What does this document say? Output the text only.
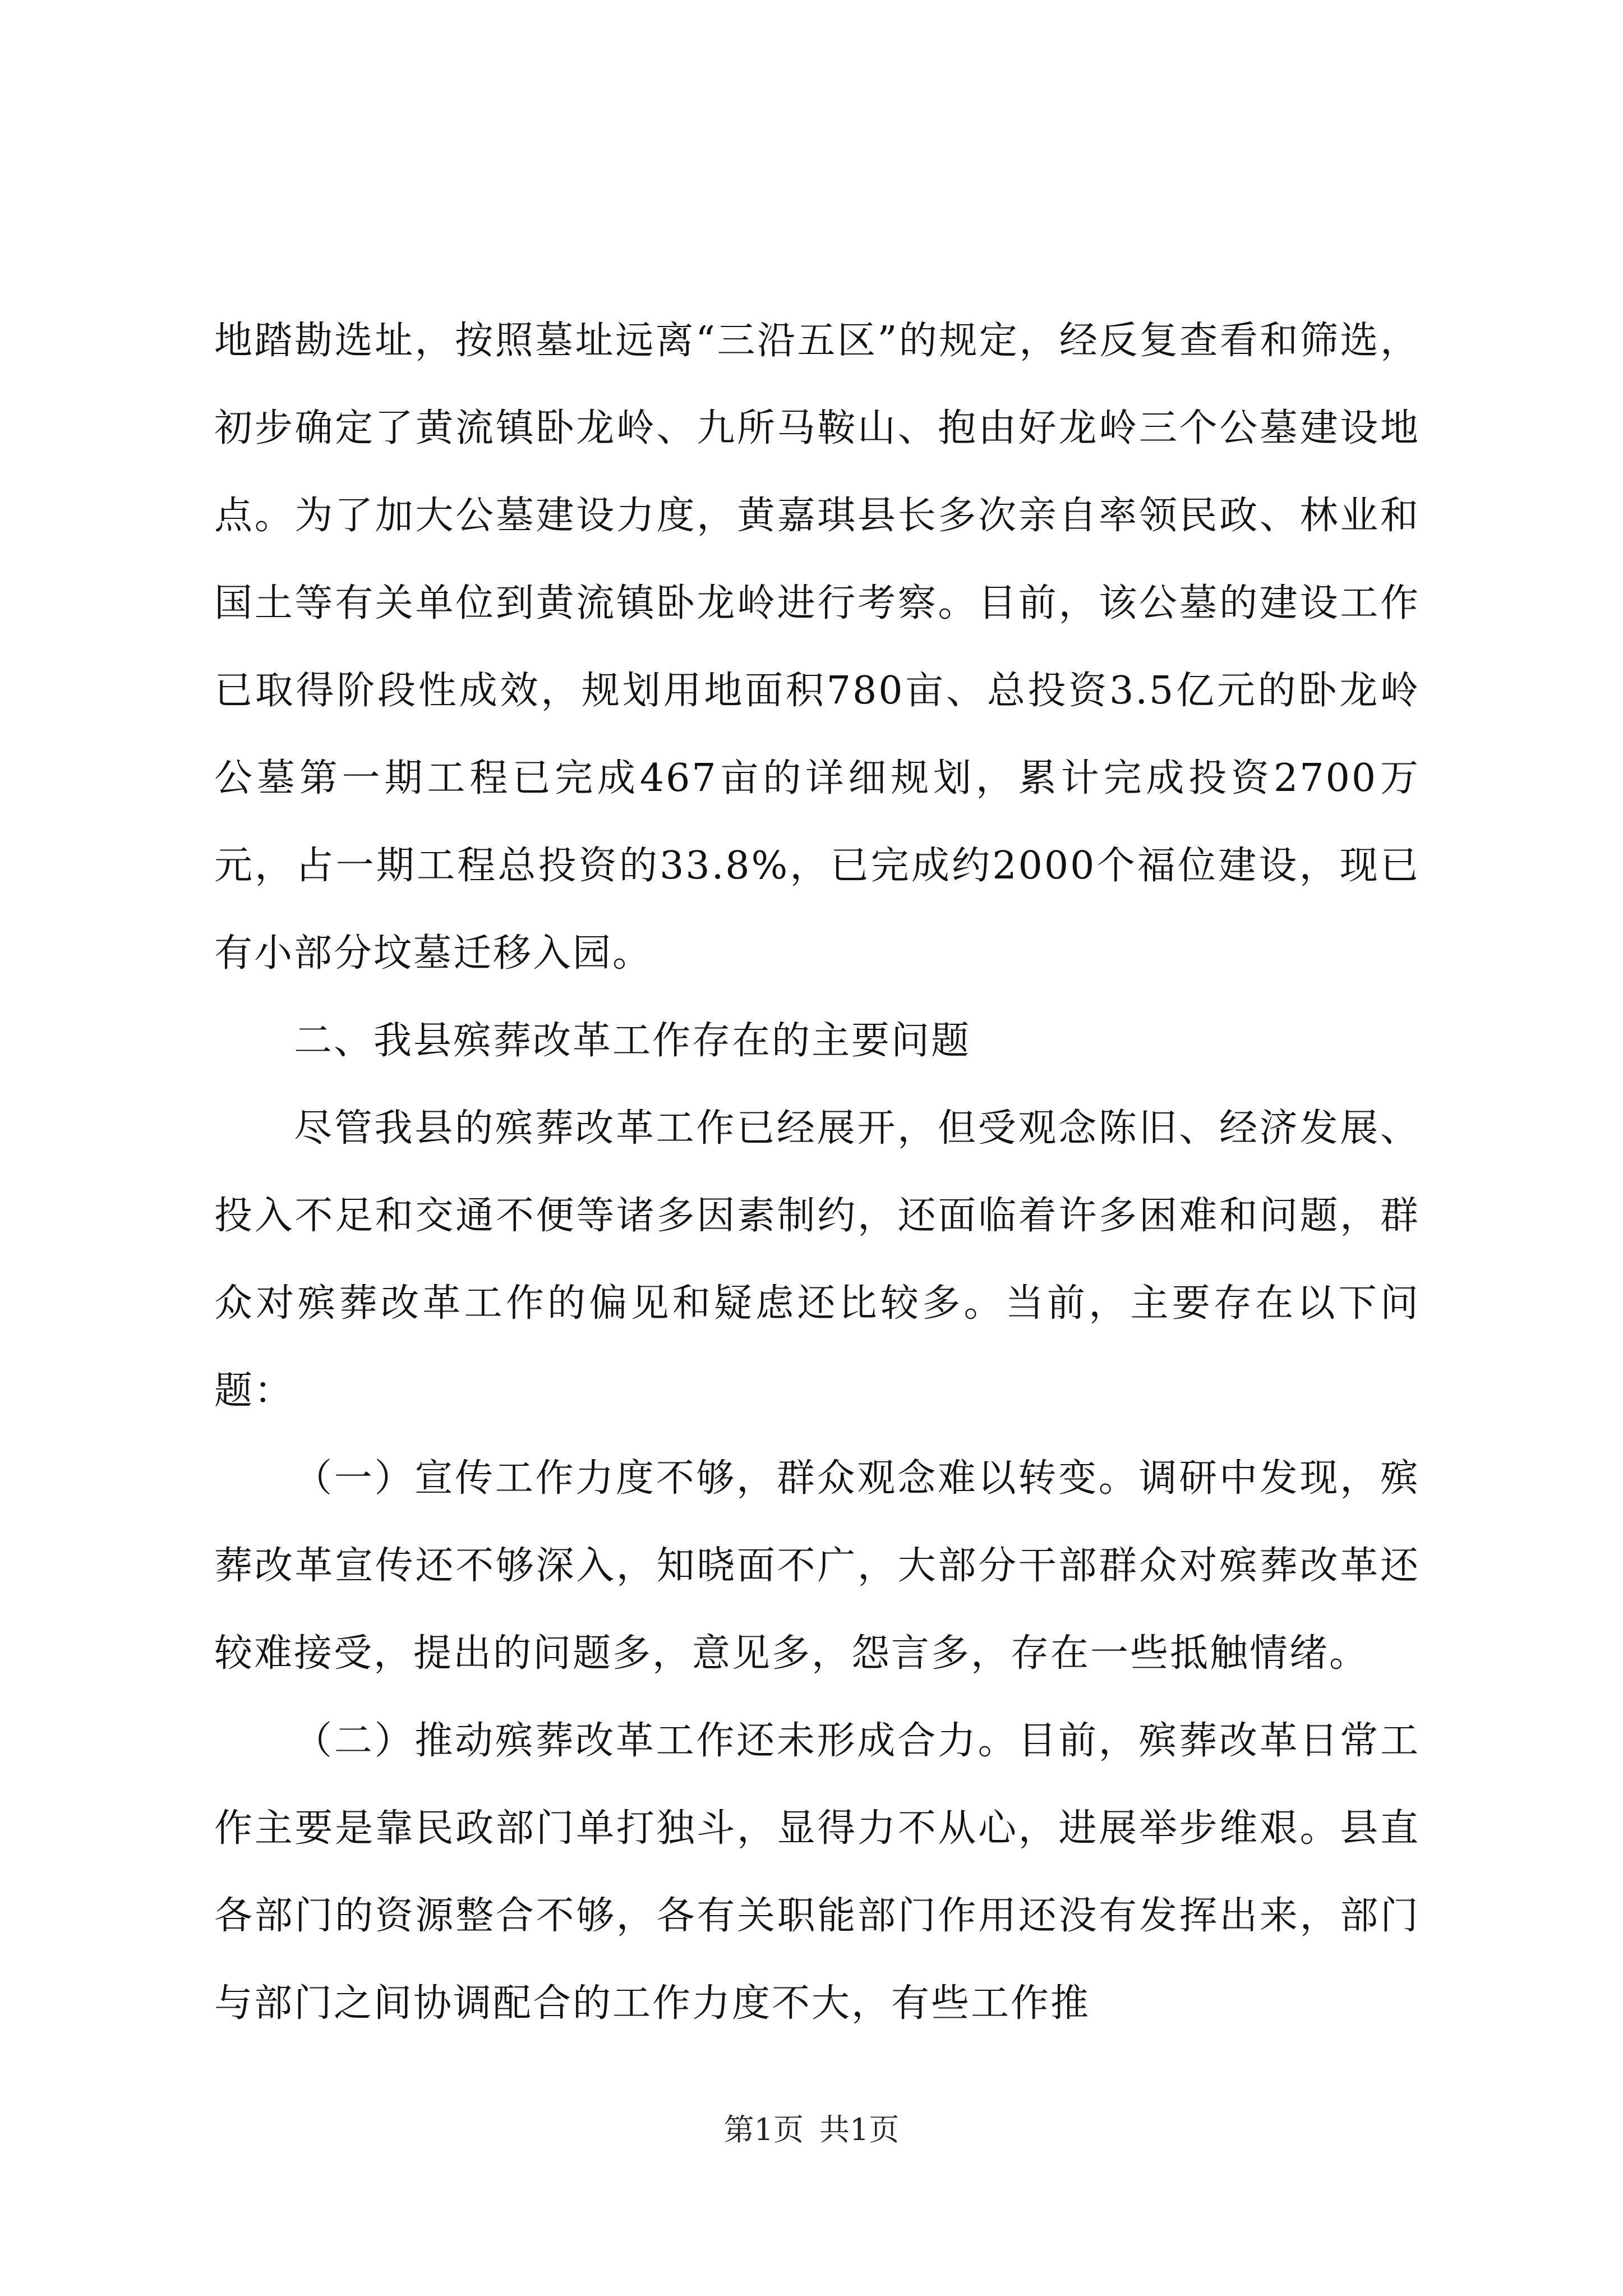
地踏勘选址，按照墓址远离“三沿五区”的规定，经反复查看和筛选，初步确定了黄流镇卧龙岭、九所马鞍山、抱由好龙岭三个公墓建设地点。为了加大公墓建设力度，黄嘉琪县长多次亲自率领民政、林业和国土等有关单位到黄流镇卧龙岭进行考察。目前，该公墓的建设工作已取得阶段性成效，规划用地面积780亩、总投资3.5亿元的卧龙岭公墓第一期工程已完成467亩的详细规划，累计完成投资2700万元，占一期工程总投资的33.8%，已完成约2000个福位建设，现已有小部分坟墓迁移入园。

二、我县殡葬改革工作存在的主要问题

尽管我县的殡葬改革工作已经展开，但受观念陈旧、经济发展、投入不足和交通不便等诸多因素制约，还面临着许多困难和问题，群众对殡葬改革工作的偏见和疑虑还比较多。当前，主要存在以下问题：

（一）宣传工作力度不够，群众观念难以转变。调研中发现，殡葬改革宣传还不够深入，知晓面不广，大部分干部群众对殡葬改革还较难接受，提出的问题多，意见多，怨言多，存在一些抵触情绪。

（二）推动殡葬改革工作还未形成合力。目前，殡葬改革日常工作主要是靠民政部门单打独斗，显得力不从心，进展举步维艰。县直各部门的资源整合不够，各有关职能部门作用还没有发挥出来，部门与部门之间协调配合的工作力度不大，有些工作推

第1页 共1页
